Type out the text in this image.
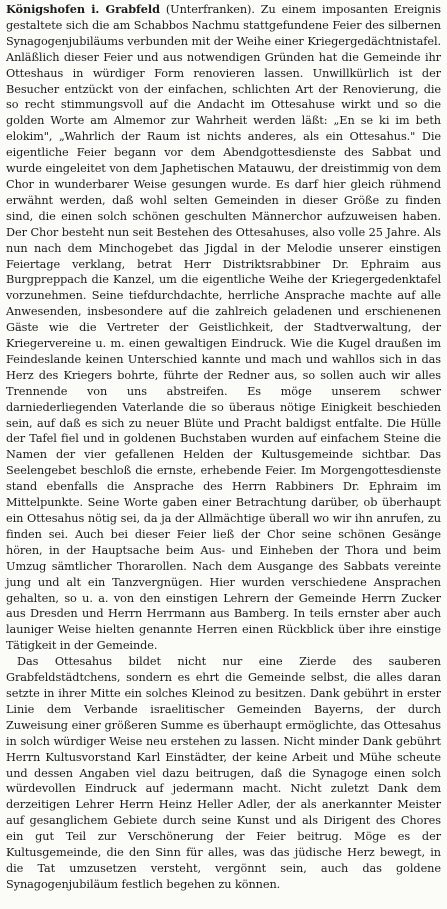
Königshofen i. Grabfeld (Unterfranken). Zu einem imposanten Ereignis gestaltete sich die am Schabbos Nachmu stattgefundene Feier des silbernen Synagogenjubiläums verbunden mit der Weihe einer Kriegergedächtnistafel. Anläßlich dieser Feier und aus notwendigen Gründen hat die Gemeinde ihr Otteshaus in würdiger Form renovieren lassen. Unwillkürlich ist der Besucher entzückt von der einfachen, schlichten Art der Renovierung, die so recht stimmungsvoll auf die Andacht im Ottesahuse wirkt und so die golden Worte am Almemor zur Wahrheit werden läßt: „En se ki im beth elokim", „Wahrlich der Raum ist nichts anderes, als ein Ottesahus." Die eigentliche Feier begann vor dem Abendgottesdienste des Sabbat und wurde eingeleitet von dem Japhetischen Matauwu, der dreistimmig von dem Chor in wunderbarer Weise gesungen wurde. Es darf hier gleich rühmend erwähnt werden, daß wohl selten Gemeinden in dieser Größe zu finden sind, die einen solch schönen geschulten Männerchor aufzuweisen haben. Der Chor besteht nun seit Bestehen des Ottesahuses, also volle 25 Jahre. Als nun nach dem Minchogebet das Jigdal in der Melodie unserer einstigen Feiertage verklang, betrat Herr Distriktsrabbiner Dr. Ephraim aus Burgpreppach die Kanzel, um die eigentliche Weihe der Kriegergedenktafel vorzunehmen. Seine tiefdurchdachte, herrliche Ansprache machte auf alle Anwesenden, insbesondere auf die zahlreich geladenen und erschienenen Gäste wie die Vertreter der Geistlichkeit, der Stadtverwaltung, der Kriegervereine u. m. einen gewaltigen Eindruck. Wie die Kugel draußen im Feindeslande keinen Unterschied kannte und mach und wahllos sich in das Herz des Kriegers bohrte, führte der Redner aus, so sollen auch wir alles Trennende von uns abstreifen. Es möge unserem schwer darniederliegenden Vaterlande die so überaus nötige Einigkeit beschieden sein, auf daß es sich zu neuer Blüte und Pracht baldigst entfalte. Die Hülle der Tafel fiel und in goldenen Buchstaben wurden auf einfachem Steine die Namen der vier gefallenen Helden der Kultusgemeinde sichtbar. Das Seelengebet beschloß die ernste, erhebende Feier. Im Morgengottesdienste stand ebenfalls die Ansprache des Herrn Rabbiners Dr. Ephraim im Mittelpunkte. Seine Worte gaben einer Betrachtung darüber, ob überhaupt ein Ottesahus nötig sei, da ja der Allmächtige überall wo wir ihn anrufen, zu finden sei. Auch bei dieser Feier ließ der Chor seine schönen Gesänge hören, in der Hauptsache beim Aus- und Einheben der Thora und beim Umzug sämtlicher Thorarollen. Nach dem Ausgange des Sabbats vereinte jung und alt ein Tanzvergnügen. Hier wurden verschiedene Ansprachen gehalten, so u. a. von den einstigen Lehrern der Gemeinde Herrn Zucker aus Dresden und Herrn Herrmann aus Bamberg. In teils ernster aber auch launiger Weise hielten genannte Herren einen Rückblick über ihre einstige Tätigkeit in der Gemeinde.

Das Ottesahus bildet nicht nur eine Zierde des sauberen Grabfeldstädtchens, sondern es ehrt die Gemeinde selbst, die alles daran setzte in ihrer Mitte ein solches Kleinod zu besitzen. Dank gebührt in erster Linie dem Verbande israelitischer Gemeinden Bayerns, der durch Zuweisung einer größeren Summe es überhaupt ermöglichte, das Ottesahus in solch würdiger Weise neu erstehen zu lassen. Nicht minder Dank gebührt Herrn Kultusvorstand Karl Einstädter, der keine Arbeit und Mühe scheute und dessen Angaben viel dazu beitrugen, daß die Synagoge einen solch würdevollen Eindruck auf jedermann macht. Nicht zuletzt Dank dem derzeitigen Lehrer Herrn Heinz Heller Adler, der als anerkannter Meister auf gesanglichem Gebiete durch seine Kunst und als Dirigent des Chores ein gut Teil zur Verschönerung der Feier beitrug. Möge es der Kultusgemeinde, die den Sinn für alles, was das jüdische Herz bewegt, in die Tat umzusetzen versteht, vergönnt sein, auch das goldene Synagogenjubiläum festlich begehen zu können.
